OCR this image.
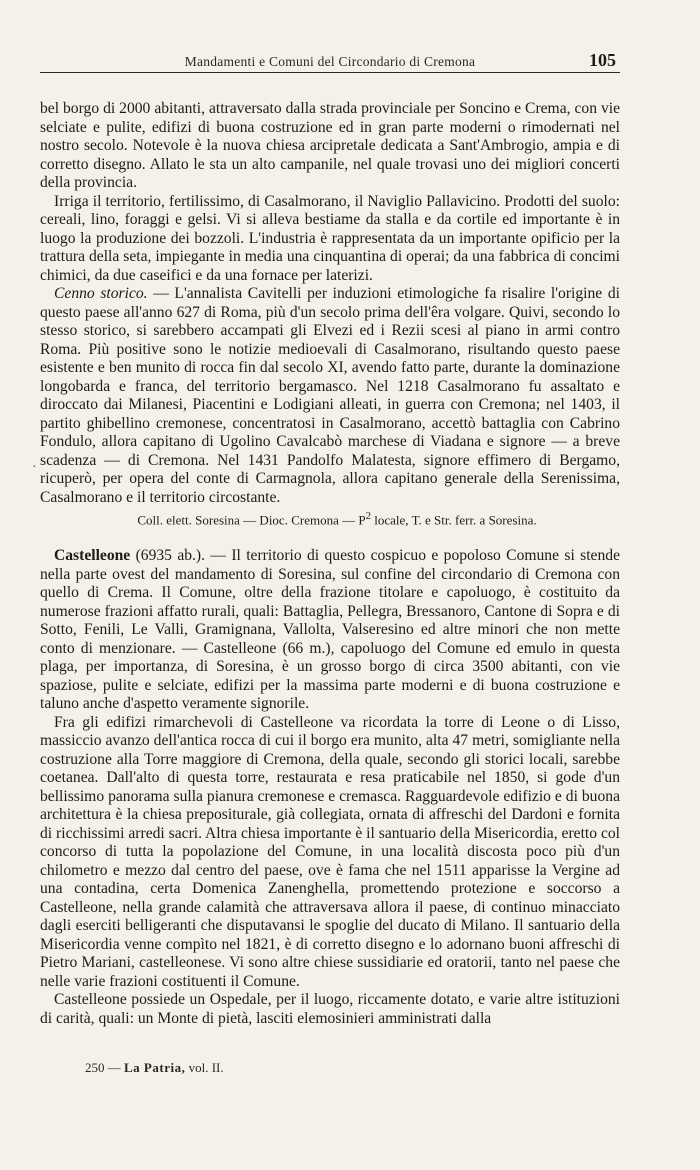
Mandamenti e Comuni del Circondario di Cremona	105
·

bel borgo di 2000 abitanti, attraversato dalla strada provinciale per Soncino e Crema, con vie selciate e pulite, edifizi di buona costruzione ed in gran parte moderni o rimodernati nel nostro secolo. Notevole è la nuova chiesa arcipretale dedicata a Sant'Ambrogio, ampia e di corretto disegno. Allato le sta un alto campanile, nel quale trovasi uno dei migliori concerti della provincia.

Irriga il territorio, fertilissimo, di Casalmorano, il Naviglio Pallavicino. Prodotti del suolo: cereali, lino, foraggi e gelsi. Vi si alleva bestiame da stalla e da cortile ed importante è in luogo la produzione dei bozzoli. L'industria è rappresentata da un importante opificio per la trattura della seta, impiegante in media una cinquantina di operai; da una fabbrica di concimi chimici, da due caseifici e da una fornace per laterizi.

Cenno storico. — L'annalista Cavitelli per induzioni etimologiche fa risalire l'origine di questo paese all'anno 627 di Roma, più d'un secolo prima dell'êra volgare. Quivi, secondo lo stesso storico, si sarebbero accampati gli Elvezi ed i Rezii scesi al piano in armi contro Roma. Più positive sono le notizie medioevali di Casalmorano, risultando questo paese esistente e ben munito di rocca fin dal secolo XI, avendo fatto parte, durante la dominazione longobarda e franca, del territorio bergamasco. Nel 1218 Casalmorano fu assaltato e diroccato dai Milanesi, Piacentini e Lodigiani alleati, in guerra con Cremona; nel 1403, il partito ghibellino cremonese, concentratosi in Casalmorano, accettò battaglia con Cabrino Fondulo, allora capitano di Ugolino Cavalcabò marchese di Viadana e signore — a breve scadenza — di Cremona. Nel 1431 Pandolfo Malatesta, signore effimero di Bergamo, ricuperò, per opera del conte di Carmagnola, allora capitano generale della Serenissima, Casalmorano e il territorio circostante.

Coll. elett. Soresina — Dioc. Cremona — $P^2$ locale, T. e Str. ferr. a Soresina.

Castelleone (6935 ab.). — Il territorio di questo cospicuo e popoloso Comune si stende nella parte ovest del mandamento di Soresina, sul confine del circondario di Cremona con quello di Crema. Il Comune, oltre della frazione titolare e capoluogo, è costituito da numerose frazioni affatto rurali, quali: Battaglia, Pellegra, Bressanoro, Cantone di Sopra e di Sotto, Fenili, Le Valli, Gramignana, Vallolta, Valseresino ed altre minori che non mette conto di menzionare. — Castelleone (66 m.), capoluogo del Comune ed emulo in questa plaga, per importanza, di Soresina, è un grosso borgo di circa 3500 abitanti, con vie spaziose, pulite e selciate, edifizi per la massima parte moderni e di buona costruzione e taluno anche d'aspetto veramente signorile.

Fra gli edifizi rimarchevoli di Castelleone va ricordata la torre di Leone o di Lisso, massiccio avanzo dell'antica rocca di cui il borgo era munito, alta 47 metri, somigliante nella costruzione alla Torre maggiore di Cremona, della quale, secondo gli storici locali, sarebbe coetanea. Dall'alto di questa torre, restaurata e resa praticabile nel 1850, si gode d'un bellissimo panorama sulla pianura cremonese e cremasca. Ragguardevole edifizio e di buona architettura è la chiesa prepositurale, già collegiata, ornata di affreschi del Dardoni e fornita di ricchissimi arredi sacri. Altra chiesa importante è il santuario della Misericordia, eretto col concorso di tutta la popolazione del Comune, in una località discosta poco più d'un chilometro e mezzo dal centro del paese, ove è fama che nel 1511 apparisse la Vergine ad una contadina, certa Domenica Zanenghella, promettendo protezione e soccorso a Castelleone, nella grande calamità che attraversava allora il paese, di continuo minacciato dagli eserciti belligeranti che disputavansi le spoglie del ducato di Milano. Il santuario della Misericordia venne compìto nel 1821, è di corretto disegno e lo adornano buoni affreschi di Pietro Mariani, castelleonese. Vi sono altre chiese sussidiarie ed oratorii, tanto nel paese che nelle varie frazioni costituenti il Comune.

Castelleone possiede un Ospedale, per il luogo, riccamente dotato, e varie altre istituzioni di carità, quali: un Monte di pietà, lasciti elemosinieri amministrati dalla

250 — La Patria, vol. II.
